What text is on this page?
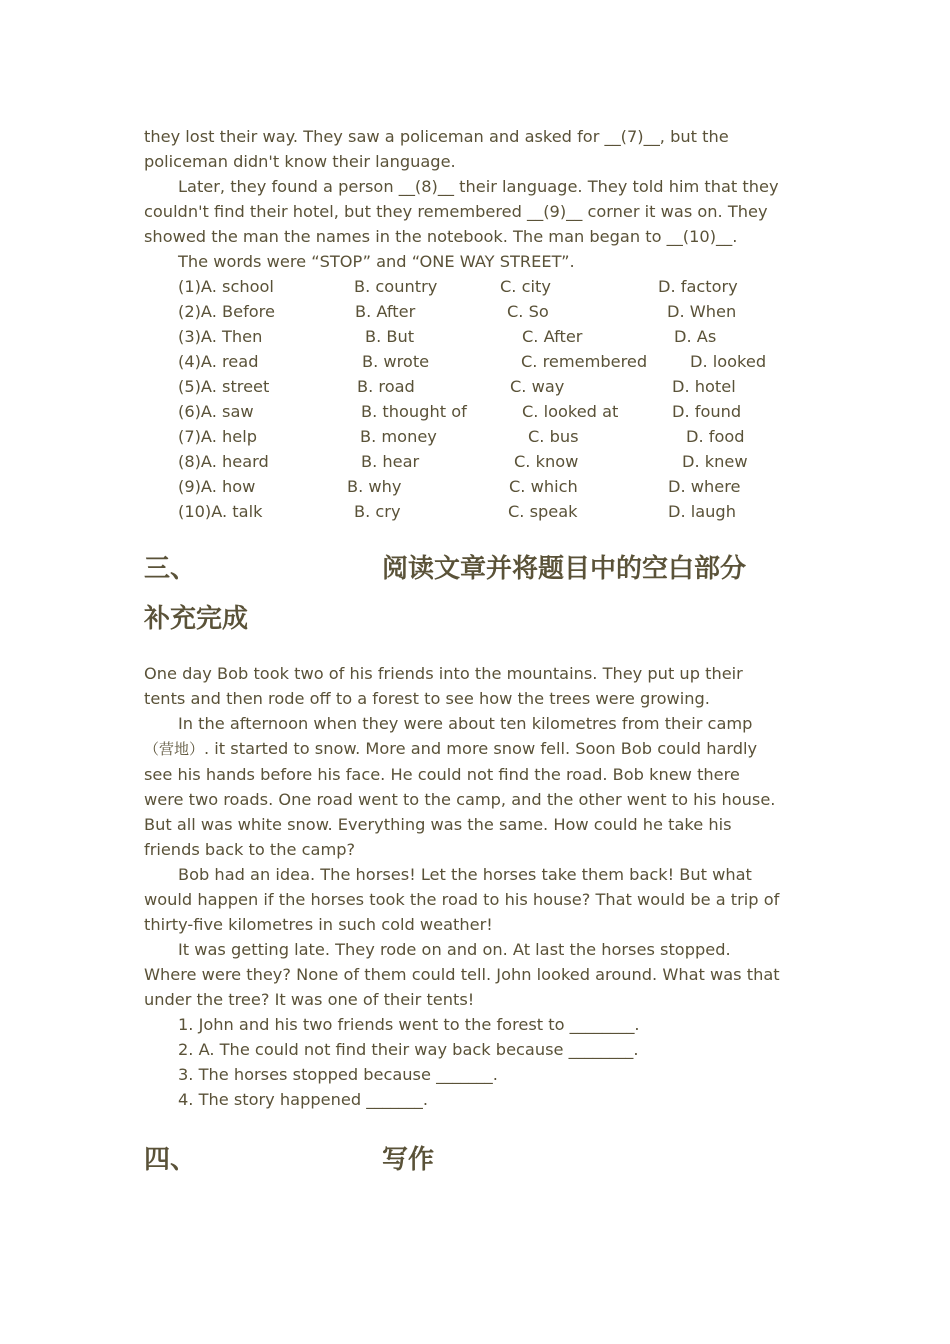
they lost their way. They saw a policeman and asked for __(7)__, but the
policeman didn't know their language.
Later, they found a person __(8)__ their language. They told him that they
couldn't find their hotel, but they remembered __(9)__ corner it was on. They
showed the man the names in the notebook. The man began to __(10)__.
The words were “STOP” and “ONE WAY STREET”.
(1)A. school	B. country	C. city	D. factory
(2)A. Before	B. After	C. So	D. When
(3)A. Then	B. But	C. After	D. As
(4)A. read	B. wrote	C. remembered	D. looked
(5)A. street	B. road	C. way	D. hotel
(6)A. saw	B. thought of	C. looked at	D. found
(7)A. help	B. money	C. bus	D. food
(8)A. heard	B. hear	C. know	D. knew
(9)A. how	B. why	C. which	D. where
(10)A. talk	B. cry	C. speak	D. laugh
三、	阅读文章并将题目中的空白部分
补充完成
One day Bob took two of his friends into the mountains. They put up their
tents and then rode off to a forest to see how the trees were growing.
In the afternoon when they were about ten kilometres from their camp
（营地）. it started to snow. More and more snow fell. Soon Bob could hardly
see his hands before his face. He could not find the road. Bob knew there
were two roads. One road went to the camp, and the other went to his house.
But all was white snow. Everything was the same. How could he take his
friends back to the camp?
Bob had an idea. The horses! Let the horses take them back! But what
would happen if the horses took the road to his house? That would be a trip of
thirty-five kilometres in such cold weather!
It was getting late. They rode on and on. At last the horses stopped.
Where were they? None of them could tell. John looked around. What was that
under the tree? It was one of their tents!
1. John and his two friends went to the forest to ________.
2. A. The could not find their way back because ________.
3. The horses stopped because _______.
4. The story happened _______.
四、	写作
